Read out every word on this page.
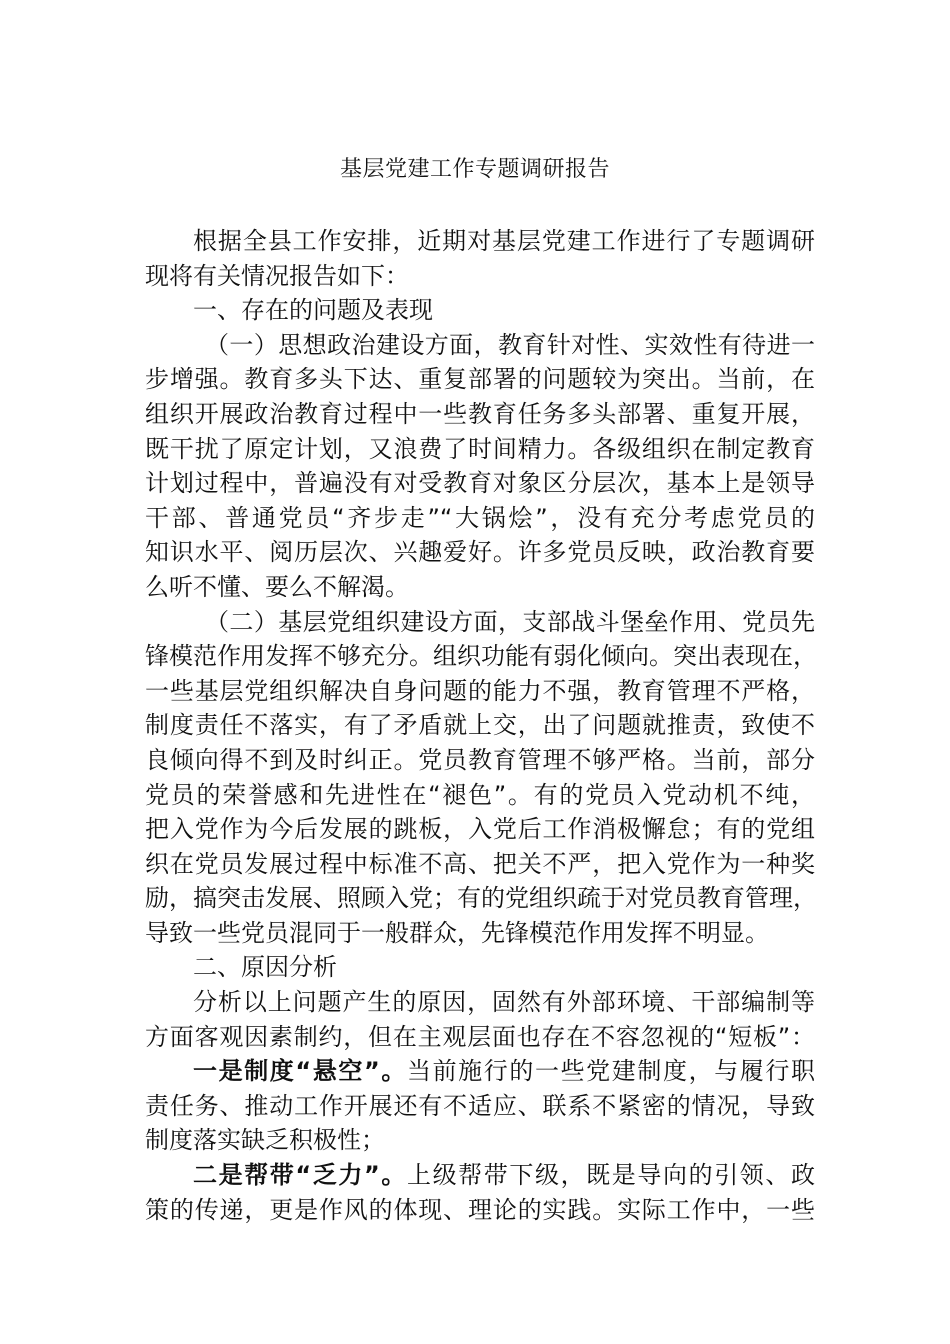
基层党建工作专题调研报告
根据全县工作安排，近期对基层党建工作进行了专题调研
现将有关情况报告如下：
一、存在的问题及表现
（一）思想政治建设方面，教育针对性、实效性有待进一
步增强。教育多头下达、重复部署的问题较为突出。当前，在
组织开展政治教育过程中一些教育任务多头部署、重复开展，
既干扰了原定计划，又浪费了时间精力。各级组织在制定教育
计划过程中，普遍没有对受教育对象区分层次，基本上是领导
干部、普通党员“齐步走”“大锅烩”，没有充分考虑党员的
知识水平、阅历层次、兴趣爱好。许多党员反映，政治教育要
么听不懂、要么不解渴。
（二）基层党组织建设方面，支部战斗堡垒作用、党员先
锋模范作用发挥不够充分。组织功能有弱化倾向。突出表现在，
一些基层党组织解决自身问题的能力不强，教育管理不严格，
制度责任不落实，有了矛盾就上交，出了问题就推责，致使不
良倾向得不到及时纠正。党员教育管理不够严格。当前，部分
党员的荣誉感和先进性在“褪色”。有的党员入党动机不纯，
把入党作为今后发展的跳板，入党后工作消极懈怠；有的党组
织在党员发展过程中标准不高、把关不严，把入党作为一种奖
励，搞突击发展、照顾入党；有的党组织疏于对党员教育管理，
导致一些党员混同于一般群众，先锋模范作用发挥不明显。
二、原因分析
分析以上问题产生的原因，固然有外部环境、干部编制等
方面客观因素制约，但在主观层面也存在不容忽视的“短板”：
一是制度“悬空”。当前施行的一些党建制度，与履行职
责任务、推动工作开展还有不适应、联系不紧密的情况，导致
制度落实缺乏积极性；
二是帮带“乏力”。上级帮带下级，既是导向的引领、政
策的传递，更是作风的体现、理论的实践。实际工作中，一些
